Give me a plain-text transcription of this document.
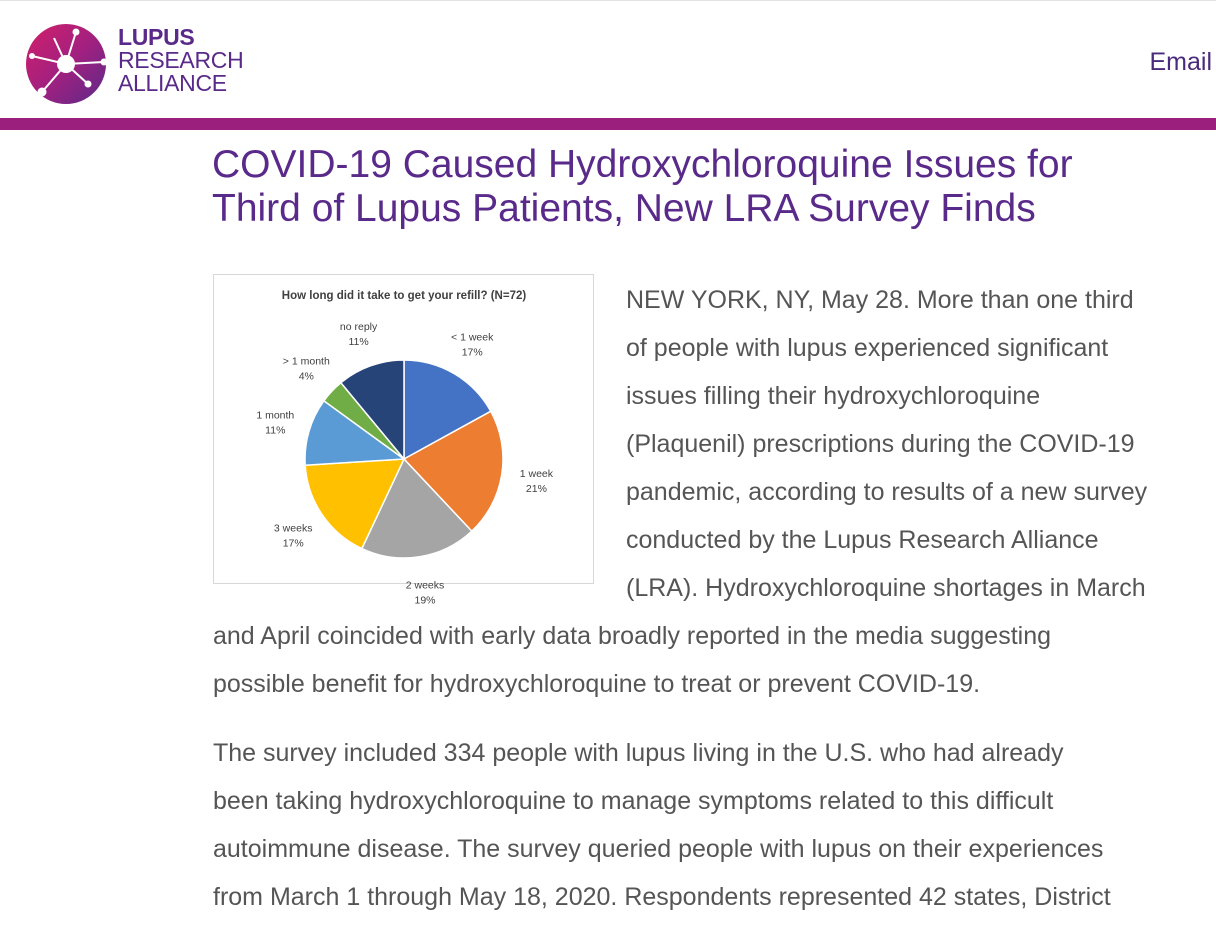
LUPUS
RESEARCH
ALLIANCE
Email
COVID-19 Caused Hydroxychloroquine Issues for
Third of Lupus Patients, New LRA Survey Finds
How long did it take to get your refill? (N=72)
< 1 week
17%
1 week
21%
2 weeks
19%
3 weeks
17%
1 month
11%
> 1 month
4%
no reply
11%
NEW YORK, NY, May 28. More than one third
of people with lupus experienced significant
issues filling their hydroxychloroquine
(Plaquenil) prescriptions during the COVID-19
pandemic, according to results of a new survey
conducted by the Lupus Research Alliance
(LRA). Hydroxychloroquine shortages in March
and April coincided with early data broadly reported in the media suggesting
possible benefit for hydroxychloroquine to treat or prevent COVID-19.
The survey included 334 people with lupus living in the U.S. who had already
been taking hydroxychloroquine to manage symptoms related to this difficult
autoimmune disease. The survey queried people with lupus on their experiences
from March 1 through May 18, 2020. Respondents represented 42 states, District
